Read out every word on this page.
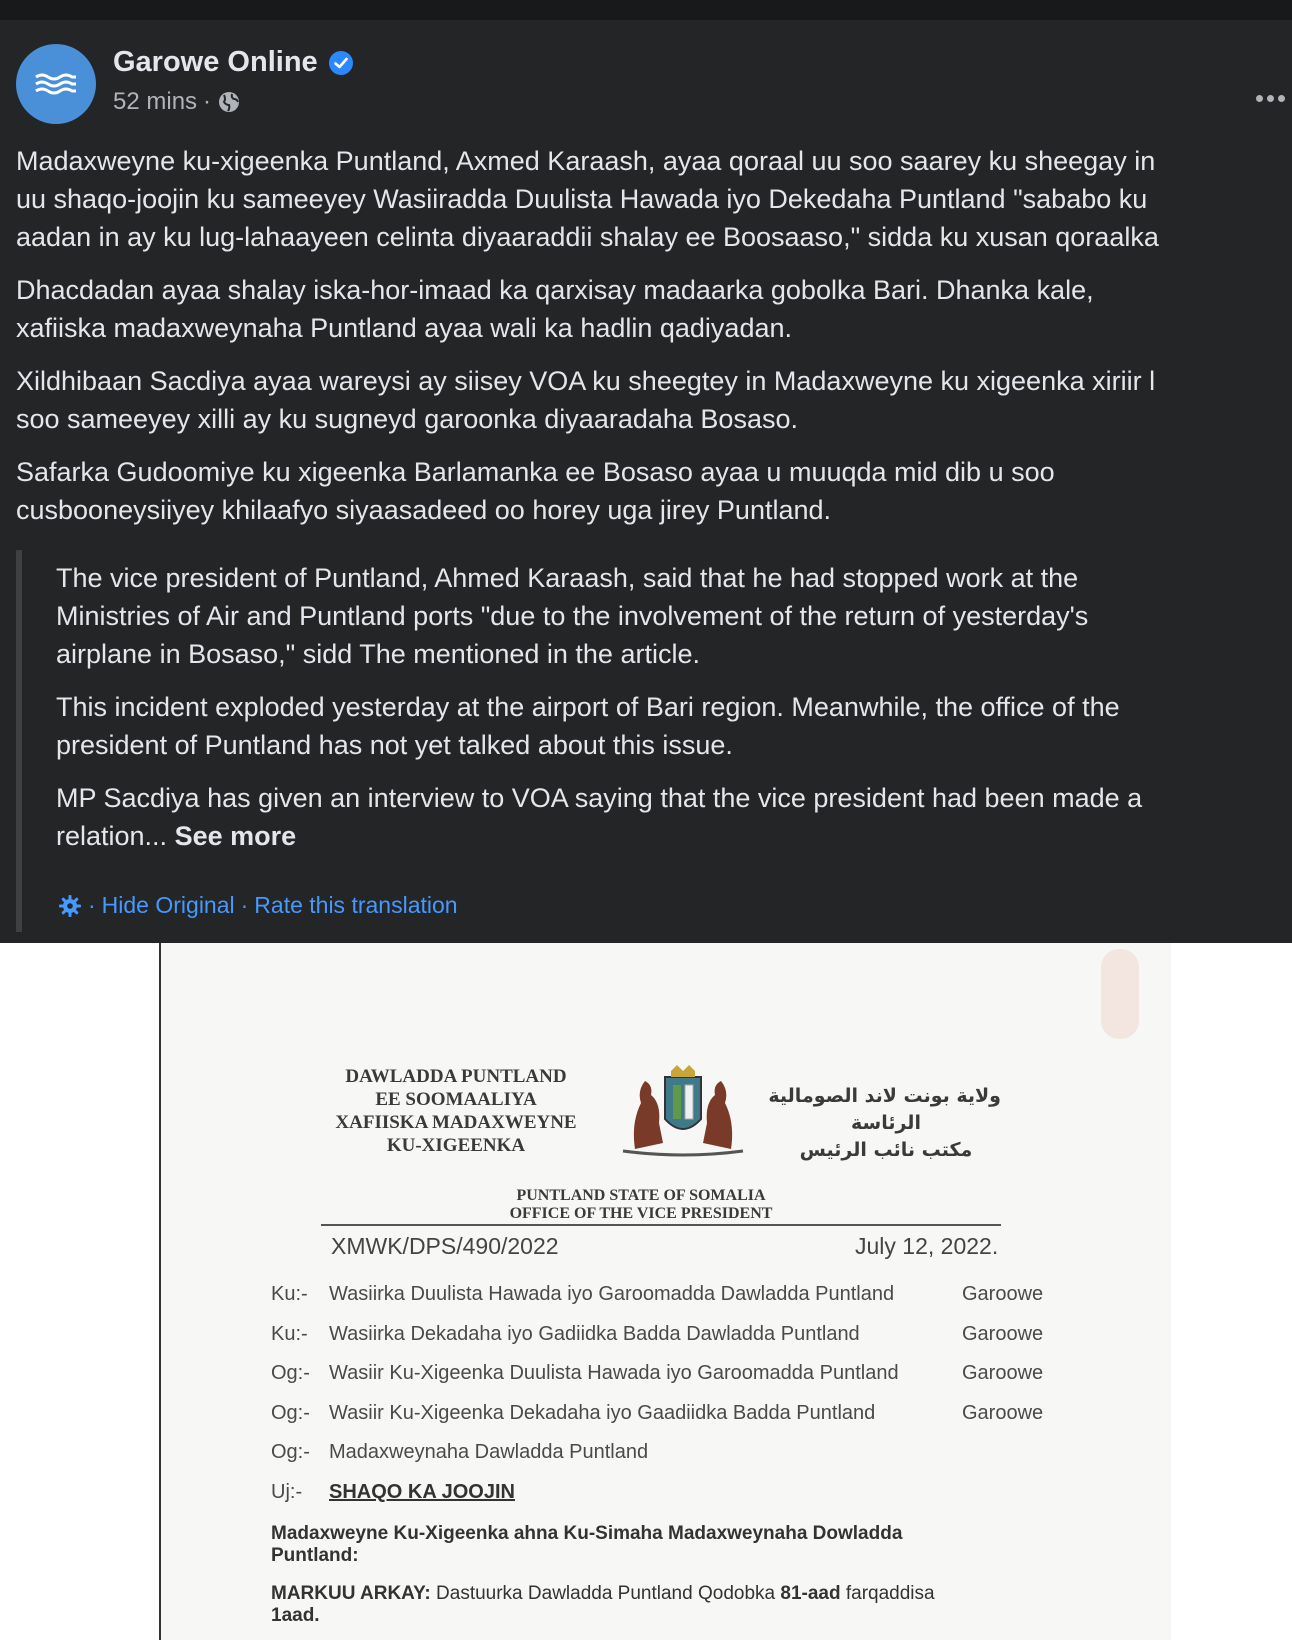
Garowe Online
52 mins ·

Madaxweyne ku-xigeenka Puntland, Axmed Karaash, ayaa qoraal uu soo saarey ku sheegay in
uu shaqo-joojin ku sameeyey Wasiiradda Duulista Hawada iyo Dekedaha Puntland "sababo ku
aadan in ay ku lug-lahaayeen celinta diyaaraddii shalay ee Boosaaso," sidda ku xusan qoraalka

Dhacdadan ayaa shalay iska-hor-imaad ka qarxisay madaarka gobolka Bari. Dhanka kale,
xafiiska madaxweynaha Puntland ayaa wali ka hadlin qadiyadan.

Xildhibaan Sacdiya ayaa wareysi ay siisey VOA ku sheegtey in Madaxweyne ku xigeenka xiriir l
soo sameeyey xilli ay ku sugneyd garoonka diyaaradaha Bosaso.

Safarka Gudoomiye ku xigeenka Barlamanka ee Bosaso ayaa u muuqda mid dib u soo
cusbooneysiiyey khilaafyo siyaasadeed oo horey uga jirey Puntland.

The vice president of Puntland, Ahmed Karaash, said that he had stopped work at the
Ministries of Air and Puntland ports "due to the involvement of the return of yesterday's
airplane in Bosaso," sidd The mentioned in the article.

This incident exploded yesterday at the airport of Bari region. Meanwhile, the office of the
president of Puntland has not yet talked about this issue.

MP Sacdiya has given an interview to VOA saying that the vice president had been made a
relation... See more

· Hide Original · Rate this translation
DAWLADDA PUNTLAND
EE SOOMAALIYA
XAFIISKA MADAXWEYNE
KU-XIGEENKA
ولاية بونت لاند الصومالية
الرئاسة
مكتب نائب الرئيس
PUNTLAND STATE OF SOMALIA
OFFICE OF THE VICE PRESIDENT
XMWK/DPS/490/2022	July 12, 2022.
Ku:-	Wasiirka Duulista Hawada iyo Garoomadda Dawladda Puntland	Garoowe
Ku:-	Wasiirka Dekadaha iyo Gadiidka Badda Dawladda Puntland	Garoowe
Og:- Wasiir Ku-Xigeenka Duulista Hawada iyo Garoomadda Puntland	Garoowe
Og:- Wasiir Ku-Xigeenka Dekadaha iyo Gaadiidka Badda Puntland	Garoowe
Og:- Madaxweynaha Dawladda Puntland
Uj:-	SHAQO KA JOOJIN
Madaxweyne Ku-Xigeenka ahna Ku-Simaha Madaxweynaha Dowladda
Puntland:
MARKUU ARKAY: Dastuurka Dawladda Puntland Qodobka 81-aad farqaddisa
1aad.
